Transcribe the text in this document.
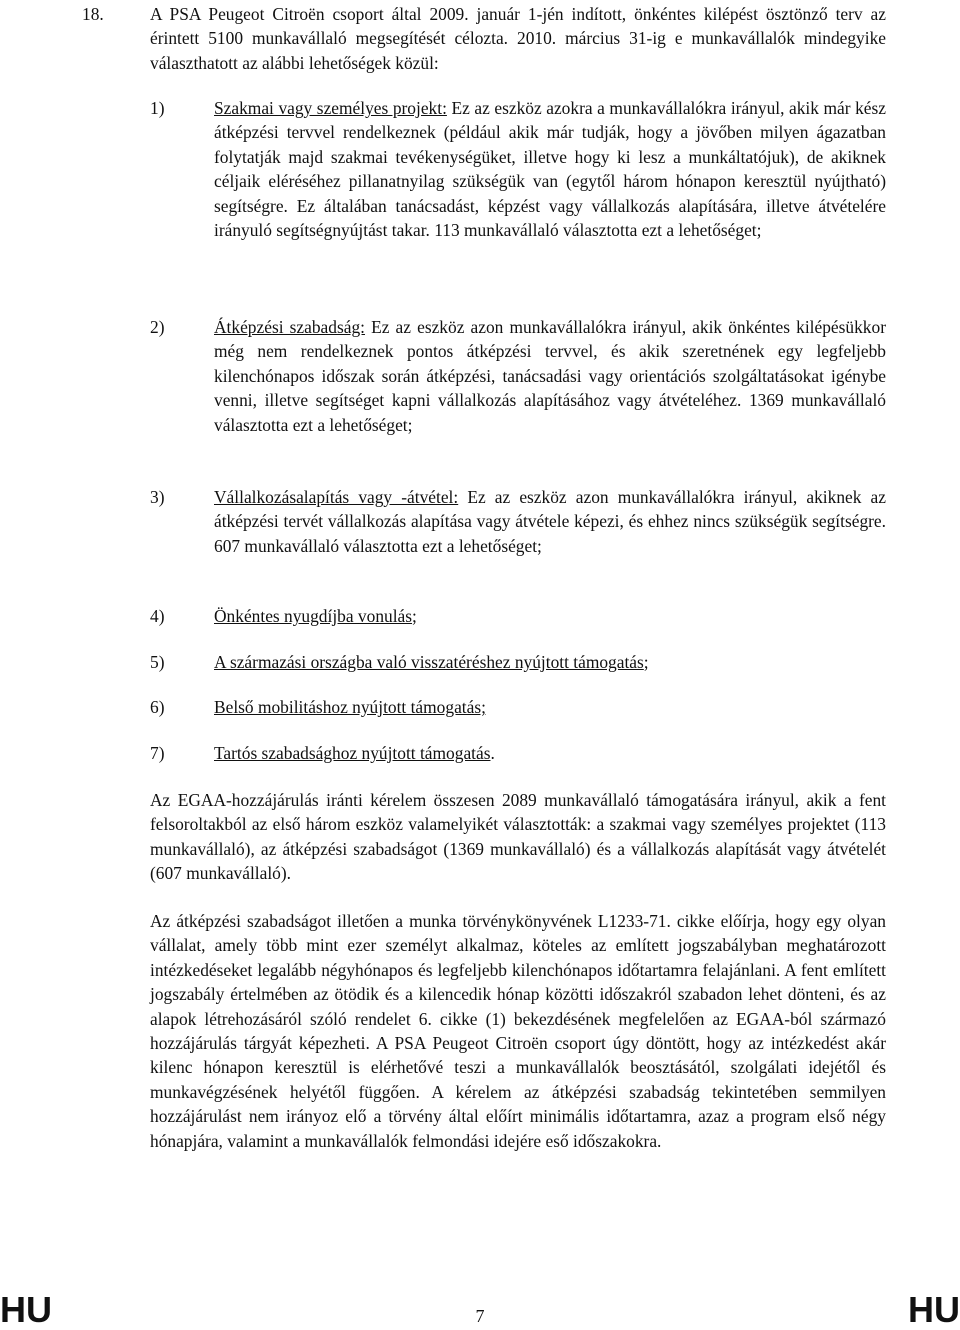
18.	A PSA Peugeot Citroën csoport által 2009. január 1-jén indított, önkéntes kilépést ösztönző terv az érintett 5100 munkavállaló megsegítését célozta. 2010. március 31-ig e munkavállalók mindegyike választhatott az alábbi lehetőségek közül:
1)	Szakmai vagy személyes projekt: Ez az eszköz azokra a munkavállalókra irányul, akik már kész átképzési tervvel rendelkeznek (például akik már tudják, hogy a jövőben milyen ágazatban folytatják majd szakmai tevékenységüket, illetve hogy ki lesz a munkáltatójuk), de akiknek céljaik eléréséhez pillanatnyilag szükségük van (egytől három hónapon keresztül nyújtható) segítségre. Ez általában tanácsadást, képzést vagy vállalkozás alapítására, illetve átvételére irányuló segítségnyújtást takar. 113 munkavállaló választotta ezt a lehetőséget;
2)	Átképzési szabadság: Ez az eszköz azon munkavállalókra irányul, akik önkéntes kilépésükkor még nem rendelkeznek pontos átképzési tervvel, és akik szeretnének egy legfeljebb kilenchónapos időszak során átképzési, tanácsadási vagy orientációs szolgáltatásokat igénybe venni, illetve segítséget kapni vállalkozás alapításához vagy átvételéhez. 1369 munkavállaló választotta ezt a lehetőséget;
3)	Vállalkozásalapítás vagy -átvétel: Ez az eszköz azon munkavállalókra irányul, akiknek az átképzési tervét vállalkozás alapítása vagy átvétele képezi, és ehhez nincs szükségük segítségre. 607 munkavállaló választotta ezt a lehetőséget;
4)	Önkéntes nyugdíjba vonulás;
5)	A származási országba való visszatéréshez nyújtott támogatás;
6)	Belső mobilitáshoz nyújtott támogatás;
7)	Tartós szabadsághoz nyújtott támogatás.
Az EGAA-hozzájárulás iránti kérelem összesen 2089 munkavállaló támogatására irányul, akik a fent felsoroltakból az első három eszköz valamelyikét választották: a szakmai vagy személyes projektet (113 munkavállaló), az átképzési szabadságot (1369 munkavállaló) és a vállalkozás alapítását vagy átvételét (607 munkavállaló).
Az átképzési szabadságot illetően a munka törvénykönyvének L1233-71. cikke előírja, hogy egy olyan vállalat, amely több mint ezer személyt alkalmaz, köteles az említett jogszabályban meghatározott intézkedéseket legalább négyhónapos és legfeljebb kilenchónapos időtartamra felajánlani. A fent említett jogszabály értelmében az ötödik és a kilencedik hónap közötti időszakról szabadon lehet dönteni, és az alapok létrehozásáról szóló rendelet 6. cikke (1) bekezdésének megfelelően az EGAA-ból származó hozzájárulás tárgyát képezheti. A PSA Peugeot Citroën csoport úgy döntött, hogy az intézkedést akár kilenc hónapon keresztül is elérhetővé teszi a munkavállalók beosztásától, szolgálati idejétől és munkavégzésének helyétől függően. A kérelem az átképzési szabadság tekintetében semmilyen hozzájárulást nem irányoz elő a törvény által előírt minimális időtartamra, azaz a program első négy hónapjára, valamint a munkavállalók felmondási idejére eső időszakokra.
HU	7	HU
